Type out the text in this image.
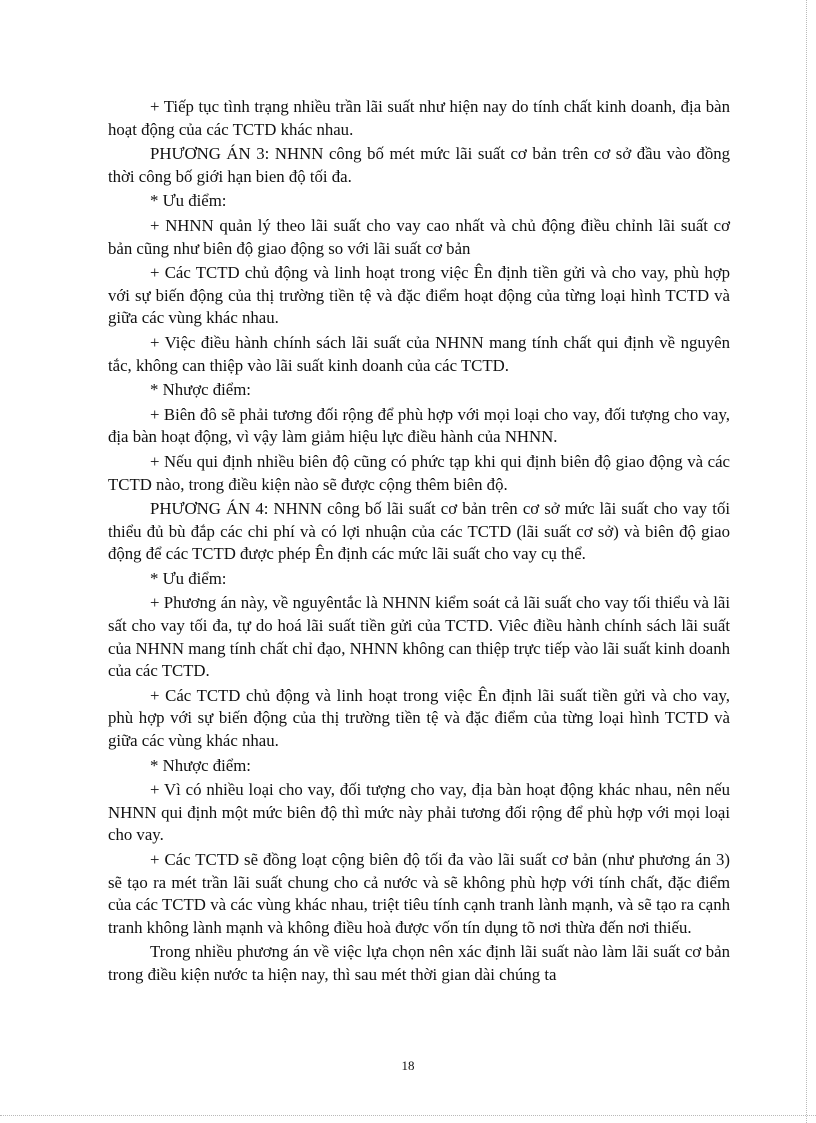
+ Tiếp tục tình trạng nhiều trần lãi suất như hiện nay do tính chất kinh doanh, địa bàn hoạt động của các TCTD khác nhau.

PHƯƠNG ÁN 3: NHNN công bố mét mức lãi suất cơ bản trên cơ sở đầu vào đồng thời công bố giới hạn bien độ tối đa.

* Ưu điểm:

+ NHNN quản lý theo lãi suất cho vay cao nhất và chủ động điều chỉnh lãi suất cơ bản cũng như biên độ giao động so với lãi suất cơ bản

+ Các TCTD chủ động và linh hoạt trong việc Ên định tiền gửi và cho vay, phù hợp với sự biến động của thị trường tiền tệ và đặc điểm hoạt động của từng loại hình TCTD và giữa các vùng khác nhau.

+ Việc điều hành chính sách lãi suất của NHNN mang tính chất qui định về nguyên tắc, không can thiệp vào lãi suất kinh doanh của các TCTD.

* Nhược điểm:

+ Biên đô sẽ phải tương đối rộng để phù hợp với mọi loại cho vay, đối tượng cho vay, địa bàn hoạt động, vì vậy làm giảm hiệu lực điều hành của NHNN.

+ Nếu qui định nhiều biên độ cũng có phức tạp khi qui định biên độ giao động và các TCTD nào, trong điều kiện nào sẽ được cộng thêm biên độ.

PHƯƠNG ÁN 4: NHNN công bố lãi suất cơ bản trên cơ sở mức lãi suất cho vay tối thiểu đủ bù đắp các chi phí và có lợi nhuận của các TCTD (lãi suất cơ sở) và biên độ giao động để các TCTD được phép Ên định các mức lãi suất cho vay cụ thể.

* Ưu điểm:

+ Phương án này, về nguyêntắc là NHNN kiểm soát cả lãi suất cho vay tối thiểu và lãi sất cho vay tối đa, tự do hoá lãi suất tiền gửi của TCTD. Viêc điều hành chính sách lãi suất của NHNN mang tính chất chỉ đạo, NHNN không can thiệp trực tiếp vào lãi suất kinh doanh của các TCTD.

+ Các TCTD chủ động và linh hoạt trong việc Ên định lãi suất tiền gửi và cho vay, phù hợp với sự biến động của thị trường tiền tệ và đặc điểm của từng loại hình TCTD và giữa các vùng khác nhau.

* Nhược điểm:

+ Vì có nhiều loại cho vay, đối tượng cho vay, địa bàn hoạt động khác nhau, nên nếu NHNN qui định một mức biên độ thì mức này phải tương đối rộng để phù hợp với mọi loại cho vay.

+ Các TCTD sẽ đồng loạt cộng biên độ tối đa vào lãi suất cơ bản (như phương án 3) sẽ tạo ra mét trần lãi suất chung cho cả nước và sẽ không phù hợp với tính chất, đặc điểm của các TCTD và các vùng khác nhau, triệt tiêu tính cạnh tranh lành mạnh, và sẽ tạo ra cạnh tranh không lành mạnh và không điều hoà được vốn tín dụng tõ nơi thừa đến nơi thiếu.

Trong nhiều phương án về việc lựa chọn nên xác định lãi suất nào làm lãi suất cơ bản trong điều kiện nước ta hiện nay, thì sau mét thời gian dài chúng ta

18
